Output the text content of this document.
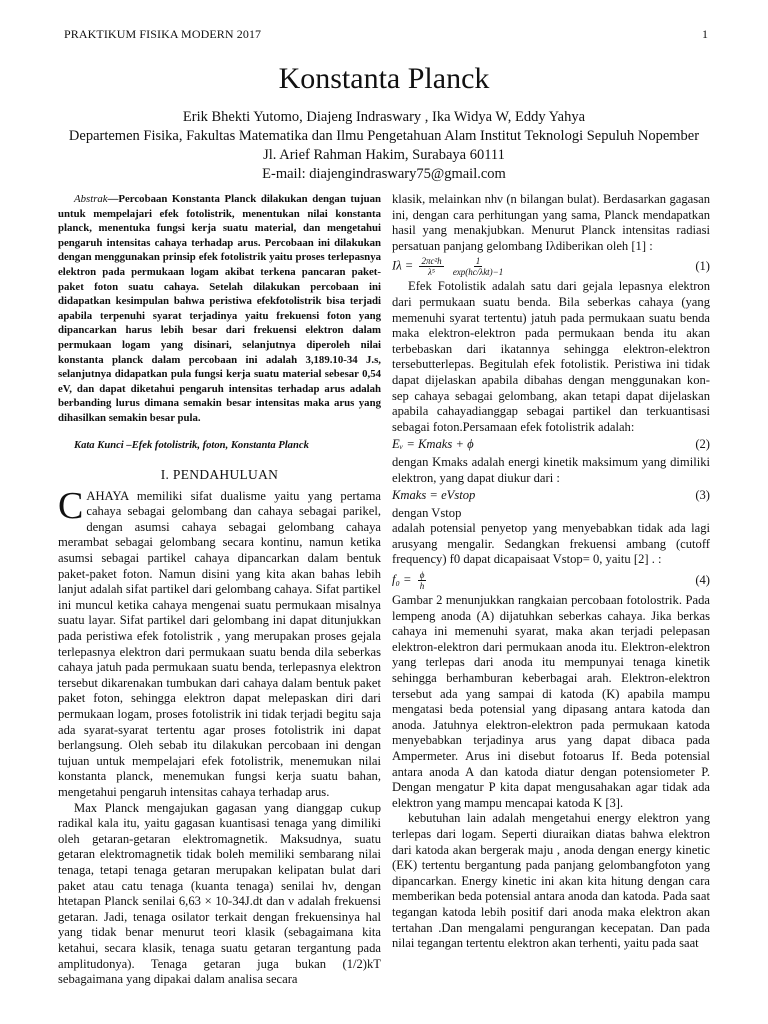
PRAKTIKUM FISIKA MODERN 2017	1
Konstanta Planck
Erik Bhekti Yutomo, Diajeng Indraswary , Ika Widya W, Eddy Yahya
Departemen Fisika, Fakultas Matematika dan Ilmu Pengetahuan Alam Institut Teknologi Sepuluh Nopember
Jl. Arief Rahman Hakim, Surabaya 60111
E-mail: diajengindraswary75@gmail.com

Abstrak—Percobaan Konstanta Planck dilakukan dengan tujuan untuk mempelajari efek fotolistrik, menentukan nilai konstanta planck, menentuka fungsi kerja suatu material, dan mengetahui pengaruh intensitas cahaya terhadap arus. Percobaan ini dilakukan dengan menggunakan prinsip efek fotolistrik yaitu proses terlepasnya elektron pada permukaan logam akibat terkena pancaran paket-paket foton suatu cahaya. Setelah dilakukan percobaan ini didapatkan kesimpulan bahwa peristiwa efekfotolistrik bisa terjadi apabila terpenuhi syarat terjadinya yaitu frekuensi foton yang dipancarkan harus lebih besar dari frekuensi elektron dalam permukaan logam yang disinari, selanjutnya diperoleh nilai konstanta planck dalam percobaan ini adalah 3,189.10-34 J.s, selanjutnya didapatkan pula fungsi kerja suatu material sebesar 0,54 eV, dan dapat diketahui pengaruh intensitas terhadap arus adalah berbanding lurus dimana semakin besar intensitas maka arus yang dihasilkan semakin besar pula.

Kata Kunci –Efek fotolistrik, foton, Konstanta Planck

I. PENDAHULUAN

CAHAYA memiliki sifat dualisme yaitu yang pertama cahaya sebagai gelombang dan cahaya sebagai parikel, dengan asumsi cahaya sebagai gelombang cahaya merambat sebagai gelombang secara kontinu, namun ketika asumsi sebagai partikel cahaya dipancarkan dalam bentuk paket-paket foton. Namun disini yang kita akan bahas lebih lanjut adalah sifat partikel dari gelombang cahaya. Sifat partikel ini muncul ketika cahaya mengenai suatu permukaan misalnya suatu layar. Sifat partikel dari gelombang ini dapat ditunjukkan pada peristiwa efek fotolistrik , yang merupakan proses gejala terlepasnya elektron dari permukaan suatu benda dila seberkas cahaya jatuh pada permukaan suatu benda, terlepasnya elektron tersebut dikarenakan tumbukan dari cahaya dalam bentuk paket paket foton, sehingga elektron dapat melepaskan diri dari permukaan logam, proses fotolistrik ini tidak terjadi begitu saja ada syarat-syarat tertentu agar proses fotolistrik ini dapat berlangsung. Oleh sebab itu dilakukan percobaan ini dengan tujuan untuk mempelajari efek fotolistrik, menemukan nilai konstanta planck, menemukan fungsi kerja suatu bahan, mengetahui pengaruh intensitas cahaya terhadap arus.

Max Planck mengajukan gagasan yang dianggap cukup radikal kala itu, yaitu gagasan kuantisasi tenaga yang dimiliki oleh getaran-getaran elektromagnetik. Maksudnya, suatu getaran elektromagnetik tidak boleh memiliki sembarang nilai tenaga, tetapi tenaga getaran merupakan kelipatan bulat dari paket atau catu tenaga (kuanta tenaga) senilai hν, dengan htetapan Planck senilai 6,63 × 10-34J.dt dan ν adalah frekuensi getaran. Jadi, tenaga osilator terkait dengan frekuensinya hal yang tidak benar menurut teori klasik (sebagaimana kita ketahui, secara klasik, tenaga suatu getaran tergantung pada amplitudonya). Tenaga getaran juga bukan (1/2)kT sebagaimana yang dipakai dalam analisa secara

klasik, melainkan nhν (n bilangan bulat). Berdasarkan gagasan ini, dengan cara perhitungan yang sama, Planck mendapatkan hasil yang menakjubkan. Menurut Planck intensitas radiasi persatuan panjang gelombang Iλdiberikan oleh [1] :

$I\lambda = \frac{\text{2πc²h}}{\text{λ⁵}}$
$\frac{1}{\text{exp(hc/λkt)−1}}$	(1)

Efek Fotolistik adalah satu dari gejala lepasnya elektron dari permukaan suatu benda. Bila seberkas cahaya (yang memenuhi syarat tertentu) jatuh pada permukaan suatu benda maka elektron-elektron pada permukaan benda itu akan terbebaskan dari ikatannya sehingga elektron-elektron tersebutterlepas. Begitulah efek fotolistik. Peristiwa ini tidak dapat dijelaskan apabila dibahas dengan menggunakan kon-sep cahaya sebagai gelombang, akan tetapi dapat dijelaskan apabila cahayadianggap sebagai partikel dan terkuantisasi sebagai foton.Persamaan efek fotolistrik adalah:

Eᵥ = Kmaks + ϕ	(2)

dengan Kmaks adalah energi kinetik maksimum yang dimiliki elektron, yang dapat diukur dari :

Kmaks = eVstop	(3)

dengan Vstop

adalah potensial penyetop yang menyebabkan tidak ada lagi arusyang mengalir. Sedangkan frekuensi ambang (cutoff frequency) f0 dapat dicapaisaat Vstop= 0, yaitu [2] . :

$f_0 = \frac{\phi}{h}$	(4)

Gambar 2 menunjukkan rangkaian percobaan fotolostrik. Pada lempeng anoda (A) dijatuhkan seberkas cahaya. Jika berkas cahaya ini memenuhi syarat, maka akan terjadi pelepasan elektron-elektron dari permukaan anoda itu. Elektron-elektron yang terlepas dari anoda itu mempunyai tenaga kinetik sehingga berhamburan keberbagai arah. Elektron-elektron tersebut ada yang sampai di katoda (K) apabila mampu mengatasi beda potensial yang dipasang antara katoda dan anoda. Jatuhnya elektron-elektron pada permukaan katoda menyebabkan terjadinya arus yang dapat dibaca pada Ampermeter. Arus ini disebut fotoarus If. Beda potensial antara anoda A dan katoda diatur dengan potensiometer P. Dengan mengatur P kita dapat mengusahakan agar tidak ada elektron yang mampu mencapai katoda K [3].

kebutuhan lain adalah mengetahui energy elektron yang terlepas dari logam. Seperti diuraikan diatas bahwa elektron dari katoda akan bergerak maju , anoda dengan energy kinetic (EK) tertentu bergantung pada panjang gelombangfoton yang dipancarkan. Energy kinetic ini akan kita hitung dengan cara memberikan beda potensial antara anoda dan katoda. Pada saat tegangan katoda lebih positif dari anoda maka elektron akan tertahan .Dan mengalami pengurangan kecepatan. Dan pada nilai tegangan tertentu elektron akan terhenti, yaitu pada saat
